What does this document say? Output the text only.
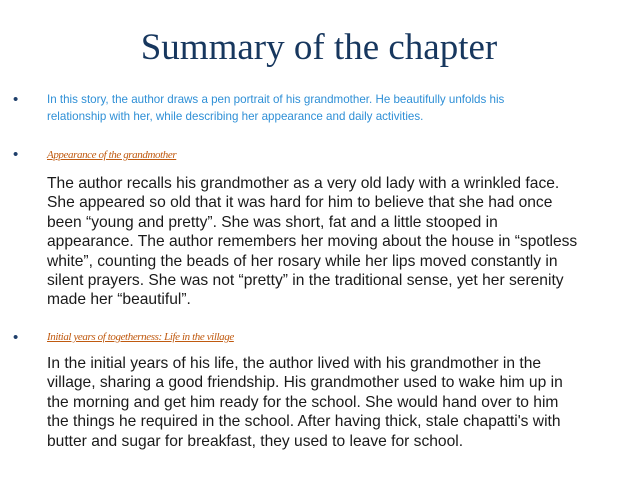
Summary of the chapter
• In this story, the author draws a pen portrait of his grandmother. He beautifully unfolds his
relationship with her, while describing her appearance and daily activities.
•	Appearance of the grandmother
The author recalls his grandmother as a very old lady with a wrinkled face.
She appeared so old that it was hard for him to believe that she had once
been “young and pretty”. She was short, fat and a little stooped in
appearance. The author remembers her moving about the house in “spotless
white”, counting the beads of her rosary while her lips moved constantly in
silent prayers. She was not “pretty” in the traditional sense, yet her serenity
made her “beautiful”.
•	Initial years of togetherness: Life in the village
In the initial years of his life, the author lived with his grandmother in the
village, sharing a good friendship. His grandmother used to wake him up in
the morning and get him ready for the school. She would hand over to him
the things he required in the school. After having thick, stale chapatti's with
butter and sugar for breakfast, they used to leave for school.
